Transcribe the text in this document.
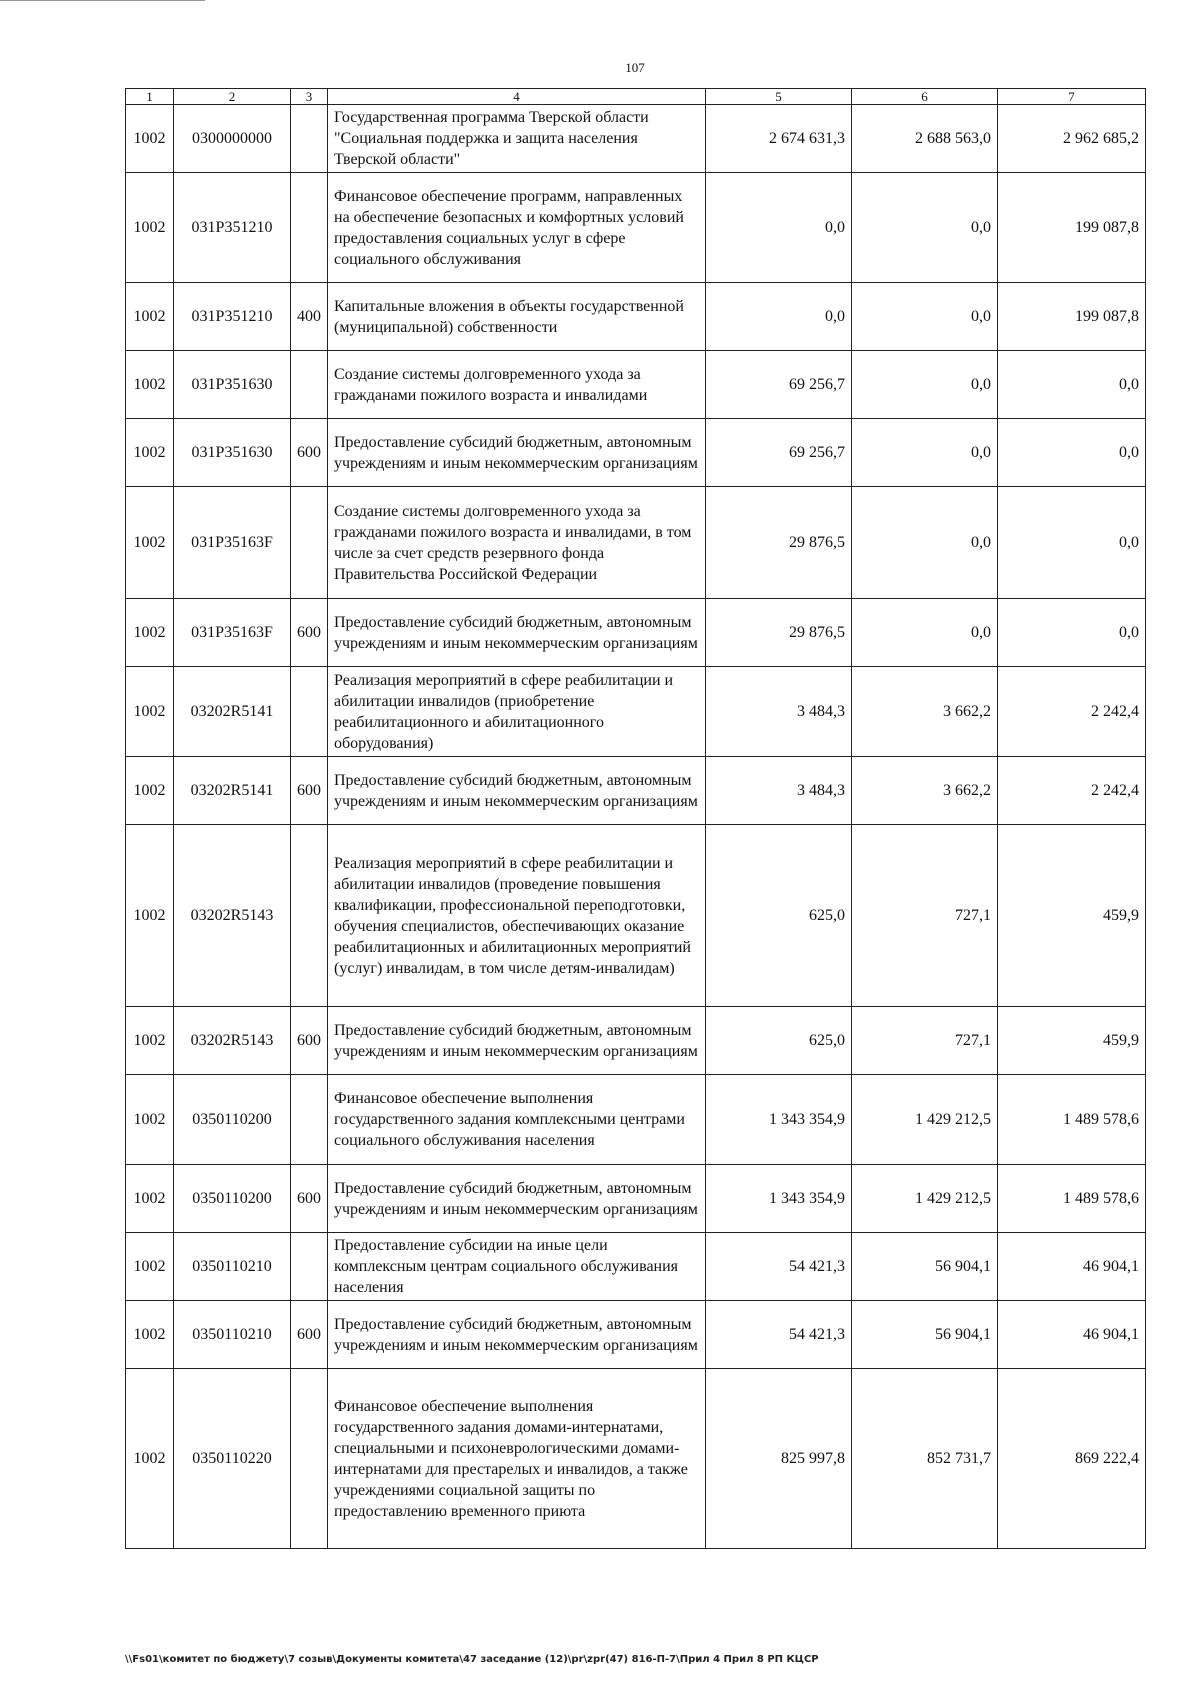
107
1	2	3	4	5	6	7
1002	0300000000		Государственная программа Тверской области "Социальная поддержка и защита населения Тверской области"	2 674 631,3	2 688 563,0	2 962 685,2
1002	031P351210		Финансовое обеспечение программ, направленных на обеспечение безопасных и комфортных условий предоставления социальных услуг в сфере социального обслуживания	0,0	0,0	199 087,8
1002	031P351210	400	Капитальные вложения в объекты государственной (муниципальной) собственности	0,0	0,0	199 087,8
1002	031P351630		Создание системы долговременного ухода за гражданами пожилого возраста и инвалидами	69 256,7	0,0	0,0
1002	031P351630	600	Предоставление субсидий бюджетным, автономным учреждениям и иным некоммерческим организациям	69 256,7	0,0	0,0
1002	031P35163F		Создание системы долговременного ухода за гражданами пожилого возраста и инвалидами, в том числе за счет средств резервного фонда Правительства Российской Федерации	29 876,5	0,0	0,0
1002	031P35163F	600	Предоставление субсидий бюджетным, автономным учреждениям и иным некоммерческим организациям	29 876,5	0,0	0,0
1002	03202R5141		Реализация мероприятий в сфере реабилитации и абилитации инвалидов (приобретение реабилитационного и абилитационного оборудования)	3 484,3	3 662,2	2 242,4
1002	03202R5141	600	Предоставление субсидий бюджетным, автономным учреждениям и иным некоммерческим организациям	3 484,3	3 662,2	2 242,4
1002	03202R5143		Реализация мероприятий в сфере реабилитации и абилитации инвалидов (проведение повышения квалификации, профессиональной переподготовки, обучения специалистов, обеспечивающих оказание реабилитационных и абилитационных мероприятий (услуг) инвалидам, в том числе детям-инвалидам)	625,0	727,1	459,9
1002	03202R5143	600	Предоставление субсидий бюджетным, автономным учреждениям и иным некоммерческим организациям	625,0	727,1	459,9
1002	0350110200		Финансовое обеспечение выполнения государственного задания комплексными центрами социального обслуживания населения	1 343 354,9	1 429 212,5	1 489 578,6
1002	0350110200	600	Предоставление субсидий бюджетным, автономным учреждениям и иным некоммерческим организациям	1 343 354,9	1 429 212,5	1 489 578,6
1002	0350110210		Предоставление субсидии на иные цели комплексным центрам социального обслуживания населения	54 421,3	56 904,1	46 904,1
1002	0350110210	600	Предоставление субсидий бюджетным, автономным учреждениям и иным некоммерческим организациям	54 421,3	56 904,1	46 904,1
1002	0350110220		Финансовое обеспечение выполнения государственного задания домами-интернатами, специальными и психоневрологическими домами-интернатами для престарелых и инвалидов, а также учреждениями социальной защиты по предоставлению временного приюта	825 997,8	852 731,7	869 222,4
\\Fs01\комитет по бюджету\7 созыв\Документы комитета\47 заседание (12)\pr\zpr(47) 816-П-7\Прил 4 Прил 8 РП КЦСР
